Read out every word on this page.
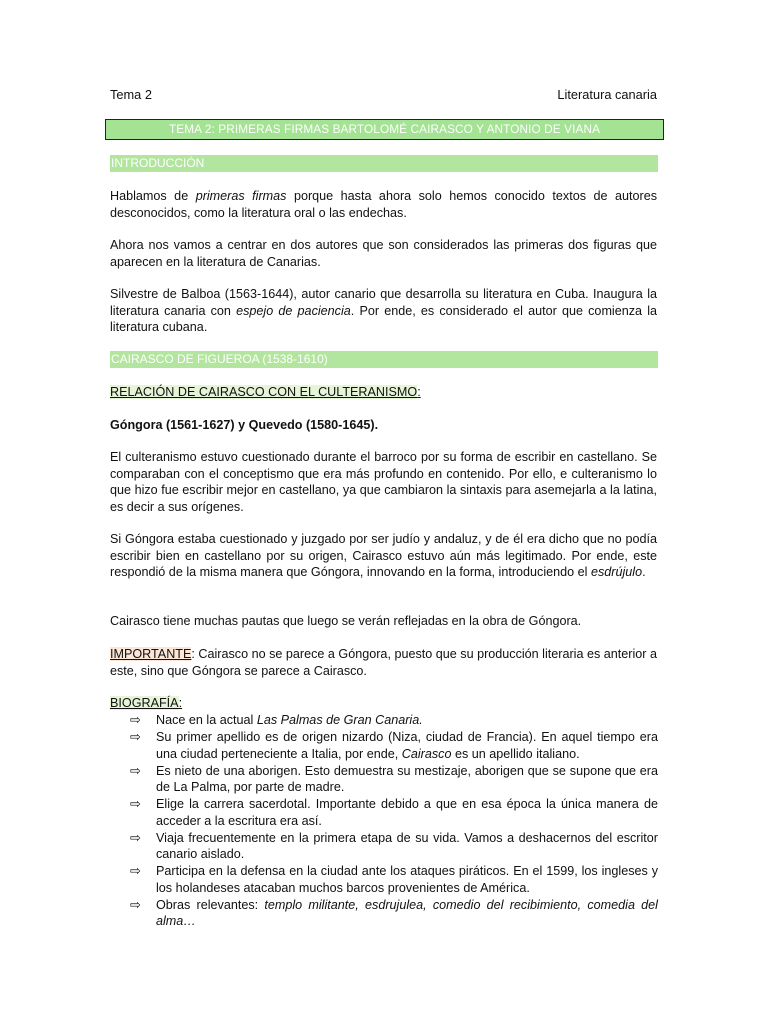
Tema 2	Literatura canaria
TEMA 2: PRIMERAS FIRMAS BARTOLOMÉ CAIRASCO Y ANTONIO DE VIANA
INTRODUCCIÓN

Hablamos de primeras firmas porque hasta ahora solo hemos conocido textos de autores desconocidos, como la literatura oral o las endechas.

Ahora nos vamos a centrar en dos autores que son considerados las primeras dos figuras que aparecen en la literatura de Canarias.

Silvestre de Balboa (1563-1644), autor canario que desarrolla su literatura en Cuba. Inaugura la literatura canaria con espejo de paciencia. Por ende, es considerado el autor que comienza la literatura cubana.

CAIRASCO DE FIGUEROA (1538-1610)

RELACIÓN DE CAIRASCO CON EL CULTERANISMO:

Góngora (1561-1627) y Quevedo (1580-1645).

El culteranismo estuvo cuestionado durante el barroco por su forma de escribir en castellano. Se comparaban con el conceptismo que era más profundo en contenido. Por ello, e culteranismo lo que hizo fue escribir mejor en castellano, ya que cambiaron la sintaxis para asemejarla a la latina, es decir a sus orígenes.

Si Góngora estaba cuestionado y juzgado por ser judío y andaluz, y de él era dicho que no podía escribir bien en castellano por su origen, Cairasco estuvo aún más legitimado. Por ende, este respondió de la misma manera que Góngora, innovando en la forma, introduciendo el esdrújulo.

Cairasco tiene muchas pautas que luego se verán reflejadas en la obra de Góngora.

IMPORTANTE: Cairasco no se parece a Góngora, puesto que su producción literaria es anterior a este, sino que Góngora se parece a Cairasco.

BIOGRAFÍA:

⇨ Nace en la actual Las Palmas de Gran Canaria.
⇨ Su primer apellido es de origen nizardo (Niza, ciudad de Francia). En aquel tiempo era una ciudad perteneciente a Italia, por ende, Cairasco es un apellido italiano.
⇨ Es nieto de una aborigen. Esto demuestra su mestizaje, aborigen que se supone que era de La Palma, por parte de madre.
⇨ Elige la carrera sacerdotal. Importante debido a que en esa época la única manera de acceder a la escritura era así.
⇨ Viaja frecuentemente en la primera etapa de su vida. Vamos a deshacernos del escritor canario aislado.
⇨ Participa en la defensa en la ciudad ante los ataques piráticos. En el 1599, los ingleses y los holandeses atacaban muchos barcos provenientes de América.
⇨ Obras relevantes: templo militante, esdrujulea, comedio del recibimiento, comedia del alma…
